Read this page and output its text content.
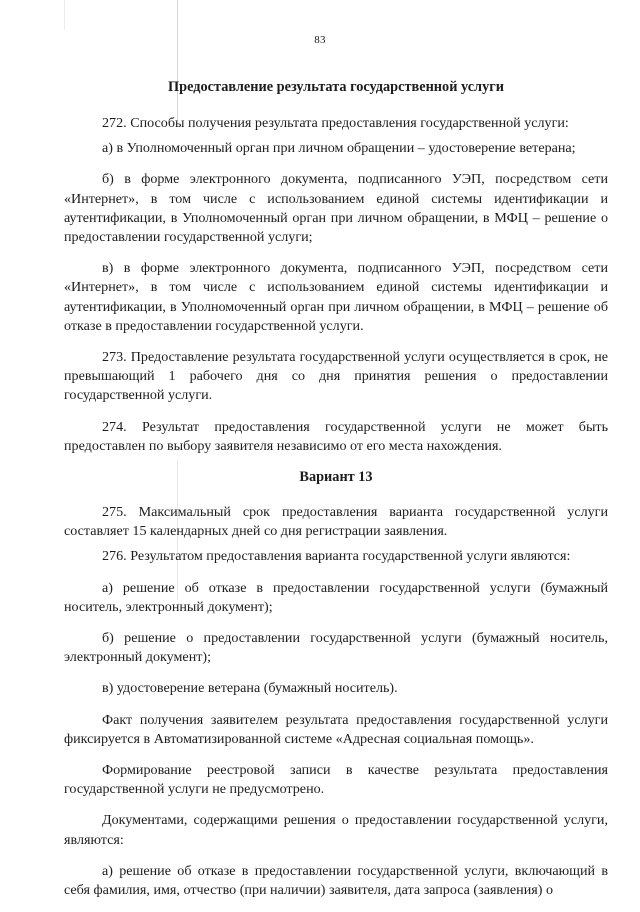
83
Предоставление результата государственной услуги

272. Способы получения результата предоставления государственной услуги:

а) в Уполномоченный орган при личном обращении – удостоверение ветерана;

б) в форме электронного документа, подписанного УЭП, посредством сети «Интернет», в том числе с использованием единой системы идентификации и аутентификации, в Уполномоченный орган при личном обращении, в МФЦ – решение о предоставлении государственной услуги;

в) в форме электронного документа, подписанного УЭП, посредством сети «Интернет», в том числе с использованием единой системы идентификации и аутентификации, в Уполномоченный орган при личном обращении, в МФЦ – решение об отказе в предоставлении государственной услуги.

273. Предоставление результата государственной услуги осуществляется в срок, не превышающий 1 рабочего дня со дня принятия решения о предоставлении государственной услуги.

274. Результат предоставления государственной услуги не может быть предоставлен по выбору заявителя независимо от его места нахождения.

Вариант 13

275. Максимальный срок предоставления варианта государственной услуги составляет 15 календарных дней со дня регистрации заявления.

276. Результатом предоставления варианта государственной услуги являются:

а) решение об отказе в предоставлении государственной услуги (бумажный носитель, электронный документ);

б) решение о предоставлении государственной услуги (бумажный носитель, электронный документ);

в) удостоверение ветерана (бумажный носитель).

Факт получения заявителем результата предоставления государственной услуги фиксируется в Автоматизированной системе «Адресная социальная помощь».

Формирование реестровой записи в качестве результата предоставления государственной услуги не предусмотрено.

Документами, содержащими решения о предоставлении государственной услуги, являются:

а) решение об отказе в предоставлении государственной услуги, включающий в себя фамилия, имя, отчество (при наличии) заявителя, дата запроса (заявления) о
